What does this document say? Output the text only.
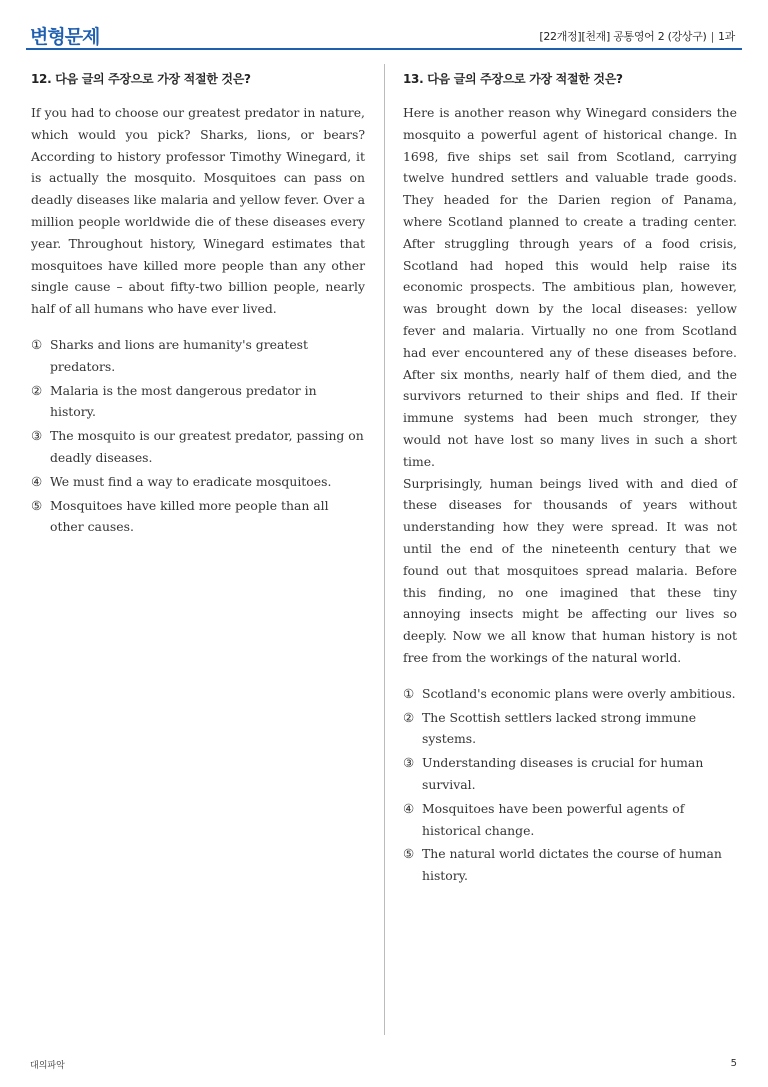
변형문제	[22개정][천재] 공통영어 2 (강상구) | 1과
12. 다음 글의 주장으로 가장 적절한 것은?

If you had to choose our greatest predator in nature, which would you pick? Sharks, lions, or bears? According to history professor Timothy Winegard, it is actually the mosquito. Mosquitoes can pass on deadly diseases like malaria and yellow fever. Over a million people worldwide die of these diseases every year. Throughout history, Winegard estimates that mosquitoes have killed more people than any other single cause – about fifty-two billion people, nearly half of all humans who have ever lived.

① Sharks and lions are humanity's greatest predators.
② Malaria is the most dangerous predator in history.
③ The mosquito is our greatest predator, passing on deadly diseases.
④ We must find a way to eradicate mosquitoes.
⑤ Mosquitoes have killed more people than all other causes.
13. 다음 글의 주장으로 가장 적절한 것은?

Here is another reason why Winegard considers the mosquito a powerful agent of historical change. In 1698, five ships set sail from Scotland, carrying twelve hundred settlers and valuable trade goods. They headed for the Darien region of Panama, where Scotland planned to create a trading center. After struggling through years of a food crisis, Scotland had hoped this would help raise its economic prospects. The ambitious plan, however, was brought down by the local diseases: yellow fever and malaria. Virtually no one from Scotland had ever encountered any of these diseases before. After six months, nearly half of them died, and the survivors returned to their ships and fled. If their immune systems had been much stronger, they would not have lost so many lives in such a short time.

Surprisingly, human beings lived with and died of these diseases for thousands of years without understanding how they were spread. It was not until the end of the nineteenth century that we found out that mosquitoes spread malaria. Before this finding, no one imagined that these tiny annoying insects might be affecting our lives so deeply. Now we all know that human history is not free from the workings of the natural world.

① Scotland's economic plans were overly ambitious.
② The Scottish settlers lacked strong immune systems.
③ Understanding diseases is crucial for human survival.
④ Mosquitoes have been powerful agents of historical change.
⑤ The natural world dictates the course of human history.
대의파악	5
